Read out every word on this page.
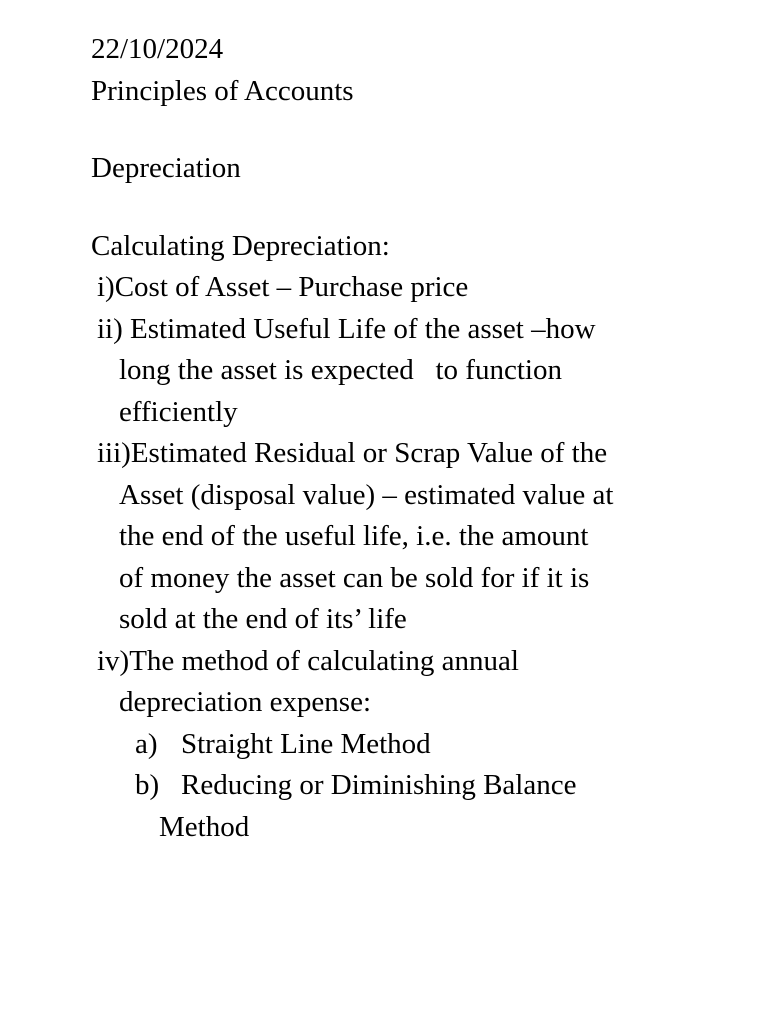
22/10/2024
Principles of Accounts
Depreciation
Calculating Depreciation:
i)Cost of Asset – Purchase price
ii) Estimated Useful Life of the asset –how
long the asset is expected   to function
efficiently
iii)Estimated Residual or Scrap Value of the
Asset (disposal value) – estimated value at
the end of the useful life, i.e. the amount
of money the asset can be sold for if it is
sold at the end of its’ life
iv)The method of calculating annual
depreciation expense:
a) Straight Line Method
b) Reducing or Diminishing Balance
Method
